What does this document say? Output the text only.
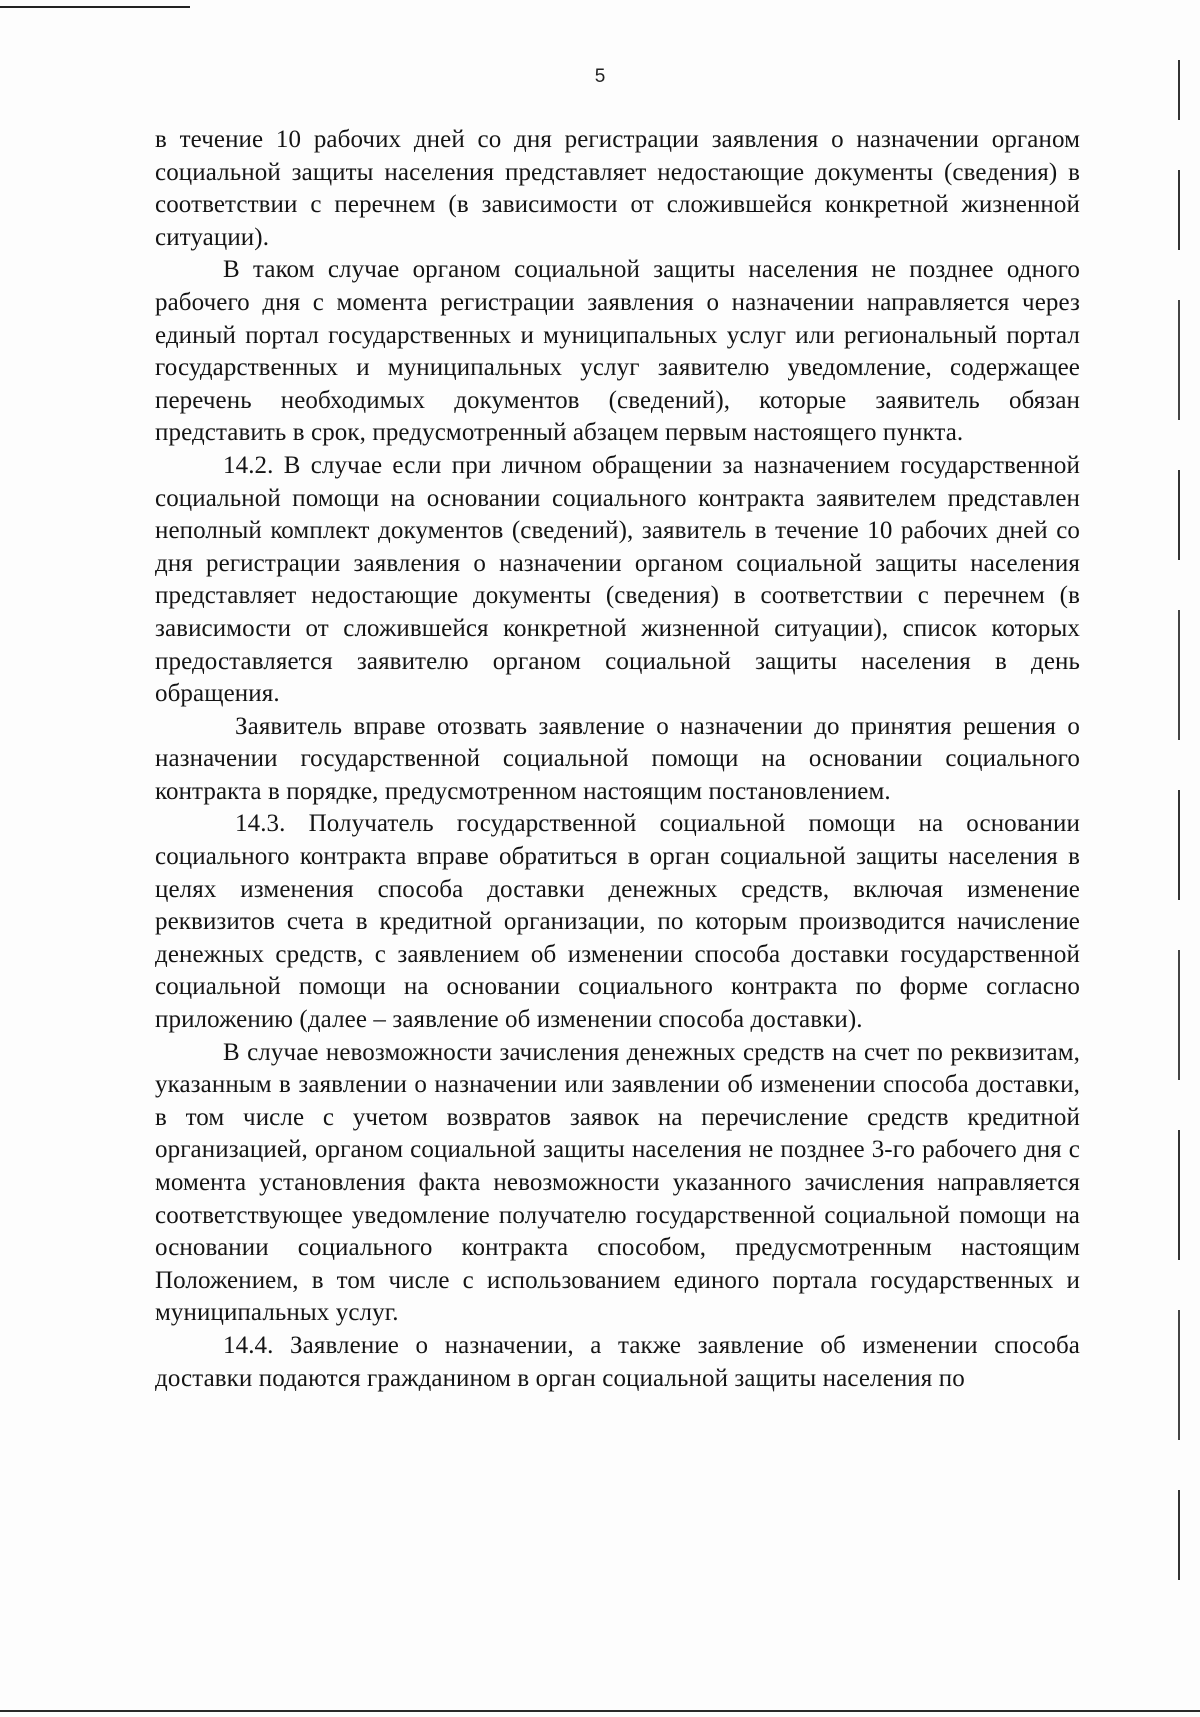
5

в течение 10 рабочих дней со дня регистрации заявления о назначении органом социальной защиты населения представляет недостающие документы (сведения) в соответствии с перечнем (в зависимости от сложившейся конкретной жизненной ситуации).

В таком случае органом социальной защиты населения не позднее одного рабочего дня с момента регистрации заявления о назначении направляется через единый портал государственных и муниципальных услуг или региональный портал государственных и муниципальных услуг заявителю уведомление, содержащее перечень необходимых документов (сведений), которые заявитель обязан представить в срок, предусмотренный абзацем первым настоящего пункта.

14.2. В случае если при личном обращении за назначением государственной социальной помощи на основании социального контракта заявителем представлен неполный комплект документов (сведений), заявитель в течение 10 рабочих дней со дня регистрации заявления о назначении органом социальной защиты населения представляет недостающие документы (сведения) в соответствии с перечнем (в зависимости от сложившейся конкретной жизненной ситуации), список которых предоставляется заявителю органом социальной защиты населения в день обращения.

Заявитель вправе отозвать заявление о назначении до принятия решения о назначении государственной социальной помощи на основании социального контракта в порядке, предусмотренном настоящим постановлением.

14.3. Получатель государственной социальной помощи на основании социального контракта вправе обратиться в орган социальной защиты населения в целях изменения способа доставки денежных средств, включая изменение реквизитов счета в кредитной организации, по которым производится начисление денежных средств, с заявлением об изменении способа доставки государственной социальной помощи на основании социального контракта по форме согласно приложению (далее – заявление об изменении способа доставки).

В случае невозможности зачисления денежных средств на счет по реквизитам, указанным в заявлении о назначении или заявлении об изменении способа доставки, в том числе с учетом возвратов заявок на перечисление средств кредитной организацией, органом социальной защиты населения не позднее 3-го рабочего дня с момента установления факта невозможности указанного зачисления направляется соответствующее уведомление получателю государственной социальной помощи на основании социального контракта способом, предусмотренным настоящим Положением, в том числе с использованием единого портала государственных и муниципальных услуг.

14.4. Заявление о назначении, а также заявление об изменении способа доставки подаются гражданином в орган социальной защиты населения по
